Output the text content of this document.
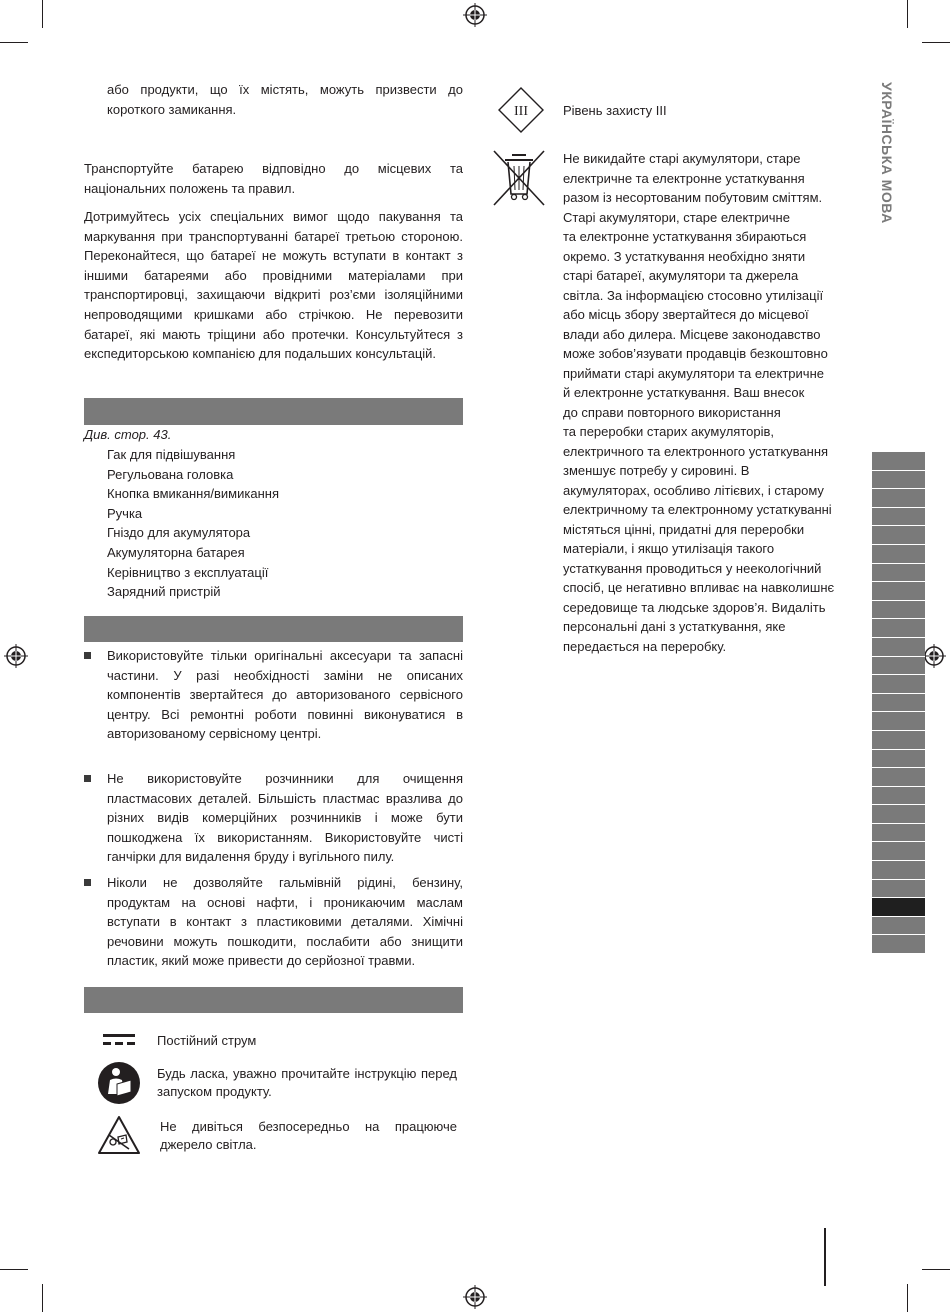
або продукти, що їх містять, можуть призвести до короткого замикання.

Транспортуйте батарею відповідно до місцевих та національних положень та правил.

Дотримуйтесь усіх спеціальних вимог щодо пакування та маркування при транспортуванні батареї третьою стороною. Переконайтеся, що батареї не можуть вступати в контакт з іншими батареями або провідними матеріалами при транспортировці, захищаючи відкриті роз’єми ізоляційними непроводящими кришками або стрічкою. Не перевозити батареї, які мають тріщини або протечки. Консультуйтеся з експедиторською компанією для подальших консультацій.

Див. стор. 43.
Гак для підвішування
Регульована головка
Кнопка вмикання/вимикання
Ручка
Гніздо для акумулятора
Акумуляторна батарея
Керівництво з експлуатації
Зарядний пристрій
Використовуйте тільки оригінальні аксесуари та запасні частини. У разі необхідності заміни не описаних компонентів звертайтеся до авторизованого сервісного центру. Всі ремонтні роботи повинні виконуватися в авторизованому сервісному центрі.
Не використовуйте розчинники для очищення пластмасових деталей. Більшість пластмас вразлива до різних видів комерційних розчинників і може бути пошкоджена їх використанням. Використовуйте чисті ганчірки для видалення бруду і вугільного пилу.
Ніколи не дозволяйте гальмівній рідині, бензину, продуктам на основі нафти, і проникаючим маслам вступати в контакт з пластиковими деталями. Хімічні речовини можуть пошкодити, послабити або знищити пластик, який може привести до серйозної травми.
Постійний струм
Будь ласка, уважно прочитайте інструкцію перед запуском продукту.
Не дивіться безпосередньо на працююче джерело світла.
III	Рівень захисту III
Не викидайте старі акумулятори, старе
електричне та електронне устаткування
разом із несортованим побутовим сміттям.
Старі акумулятори, старе електричне
та електронне устаткування збираються
окремо. З устаткування необхідно зняти
старі батареї, акумулятори та джерела
світла. За інформацією стосовно утилізації
або місць збору звертайтеся до місцевої
влади або дилера. Місцеве законодавство
може зобов’язувати продавців безкоштовно
приймати старі акумулятори та електричне
й електронне устаткування. Ваш внесок
до справи повторного використання
та переробки старих акумуляторів,
електричного та електронного устаткування
зменшує потребу у сировині. В
акумуляторах, особливо літієвих, і старому
електричному та електронному устаткуванні
містяться цінні, придатні для переробки
матеріали, і якщо утилізація такого
устаткування проводиться у неекологічний
спосіб, це негативно впливає на навколишнє
середовище та людське здоров’я. Видаліть
персональні дані з устаткування, яке
передається на переробку.
УКРАЇНСЬКА МОВА
